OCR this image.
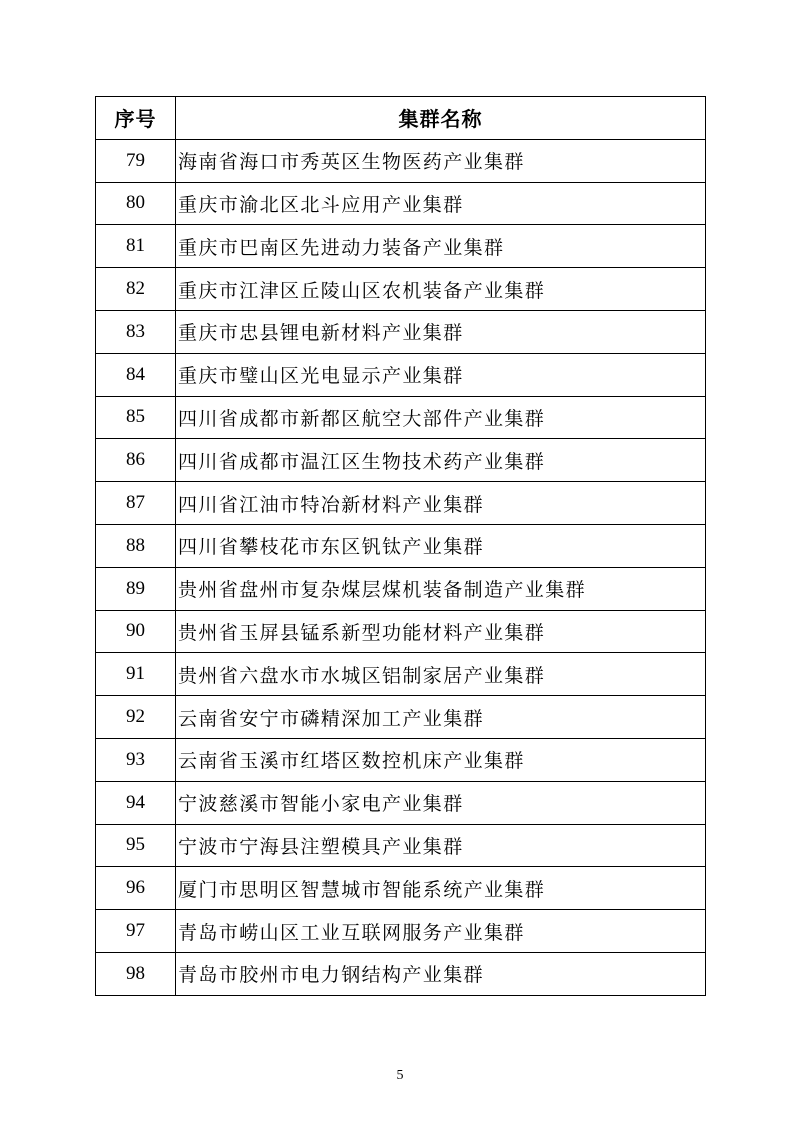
序号	集群名称
79	海南省海口市秀英区生物医药产业集群
80	重庆市渝北区北斗应用产业集群
81	重庆市巴南区先进动力装备产业集群
82	重庆市江津区丘陵山区农机装备产业集群
83	重庆市忠县锂电新材料产业集群
84	重庆市璧山区光电显示产业集群
85	四川省成都市新都区航空大部件产业集群
86	四川省成都市温江区生物技术药产业集群
87	四川省江油市特冶新材料产业集群
88	四川省攀枝花市东区钒钛产业集群
89	贵州省盘州市复杂煤层煤机装备制造产业集群
90	贵州省玉屏县锰系新型功能材料产业集群
91	贵州省六盘水市水城区铝制家居产业集群
92	云南省安宁市磷精深加工产业集群
93	云南省玉溪市红塔区数控机床产业集群
94	宁波慈溪市智能小家电产业集群
95	宁波市宁海县注塑模具产业集群
96	厦门市思明区智慧城市智能系统产业集群
97	青岛市崂山区工业互联网服务产业集群
98	青岛市胶州市电力钢结构产业集群
5
